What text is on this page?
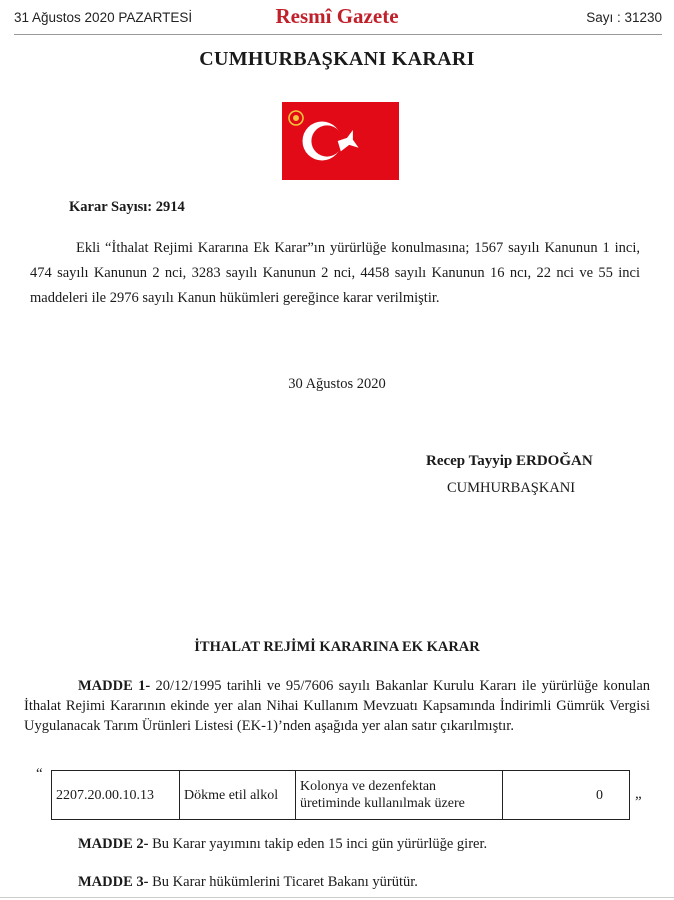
31 Ağustos 2020 PAZARTESİ	Resmî Gazete	Sayı : 31230
CUMHURBAŞKANI KARARI
Karar Sayısı: 2914
Ekli “İthalat Rejimi Kararına Ek Karar”ın yürürlüğe konulmasına; 1567 sayılı Kanunun 1 inci, 474 sayılı Kanunun 2 nci, 3283 sayılı Kanunun 2 nci, 4458 sayılı Kanunun 16 ncı, 22 nci ve 55 inci maddeleri ile 2976 sayılı Kanun hükümleri gereğince karar verilmiştir.
30 Ağustos 2020
Recep Tayyip ERDOĞAN
CUMHURBAŞKANI
İTHALAT REJİMİ KARARINA EK KARAR
MADDE 1- 20/12/1995 tarihli ve 95/7606 sayılı Bakanlar Kurulu Kararı ile yürürlüğe konulan İthalat Rejimi Kararının ekinde yer alan Nihai Kullanım Mevzuatı Kapsamında İndirimli Gümrük Vergisi Uygulanacak Tarım Ürünleri Listesi (EK-1)’nden aşağıda yer alan satır çıkarılmıştır.
“
2207.20.00.10.13	Dökme etil alkol	Kolonya ve dezenfektan üretiminde kullanılmak üzere	0 ”
MADDE 2- Bu Karar yayımını takip eden 15 inci gün yürürlüğe girer.
MADDE 3- Bu Karar hükümlerini Ticaret Bakanı yürütür.
